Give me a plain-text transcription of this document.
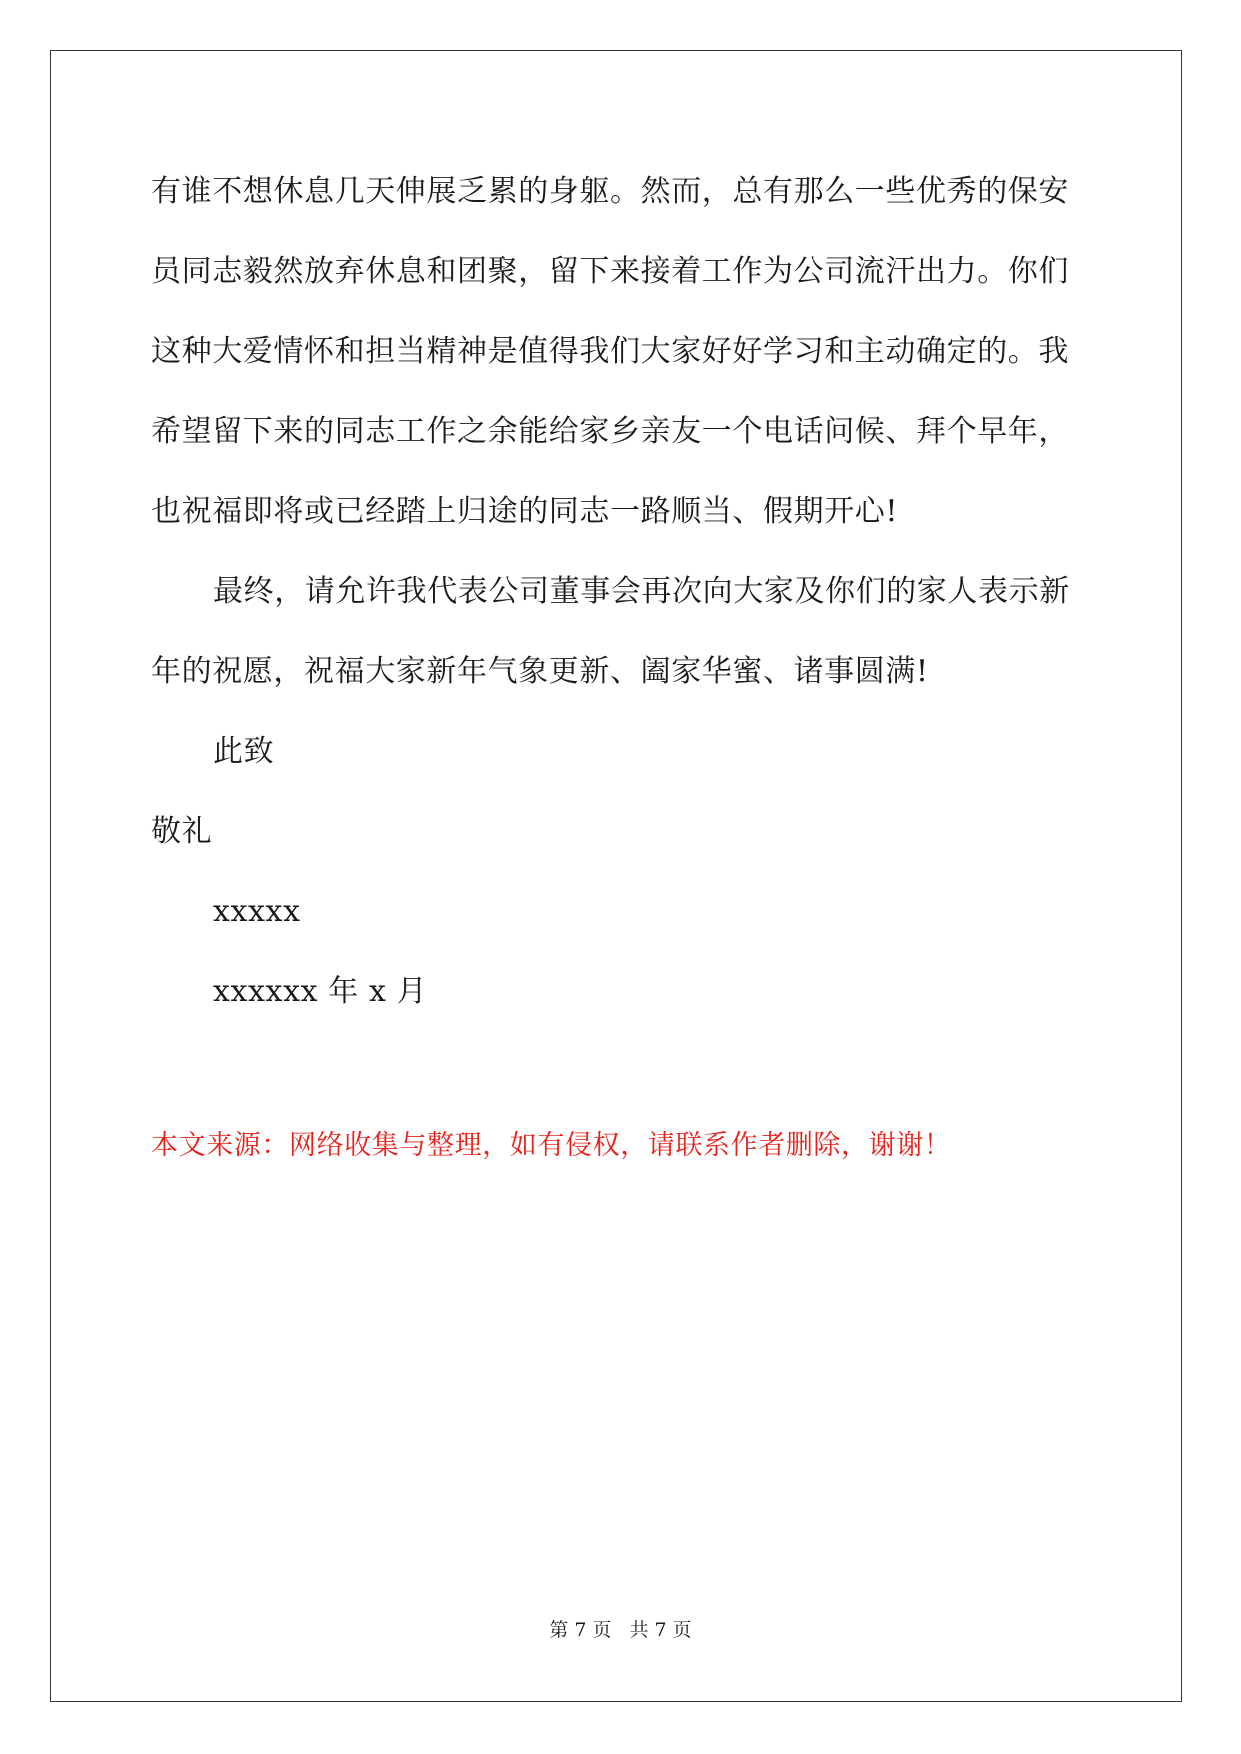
有谁不想休息几天伸展乏累的身躯。然而，总有那么一些优秀的保安
员同志毅然放弃休息和团聚，留下来接着工作为公司流汗出力。你们
这种大爱情怀和担当精神是值得我们大家好好学习和主动确定的。我
希望留下来的同志工作之余能给家乡亲友一个电话问候、拜个早年，
也祝福即将或已经踏上归途的同志一路顺当、假期开心!
最终，请允许我代表公司董事会再次向大家及你们的家人表示新
年的祝愿，祝福大家新年气象更新、阖家华蜜、诸事圆满!
此致
敬礼
xxxxx
xxxxxx 年 x 月
本文来源：网络收集与整理，如有侵权，请联系作者删除，谢谢！
第 7 页 共 7 页
